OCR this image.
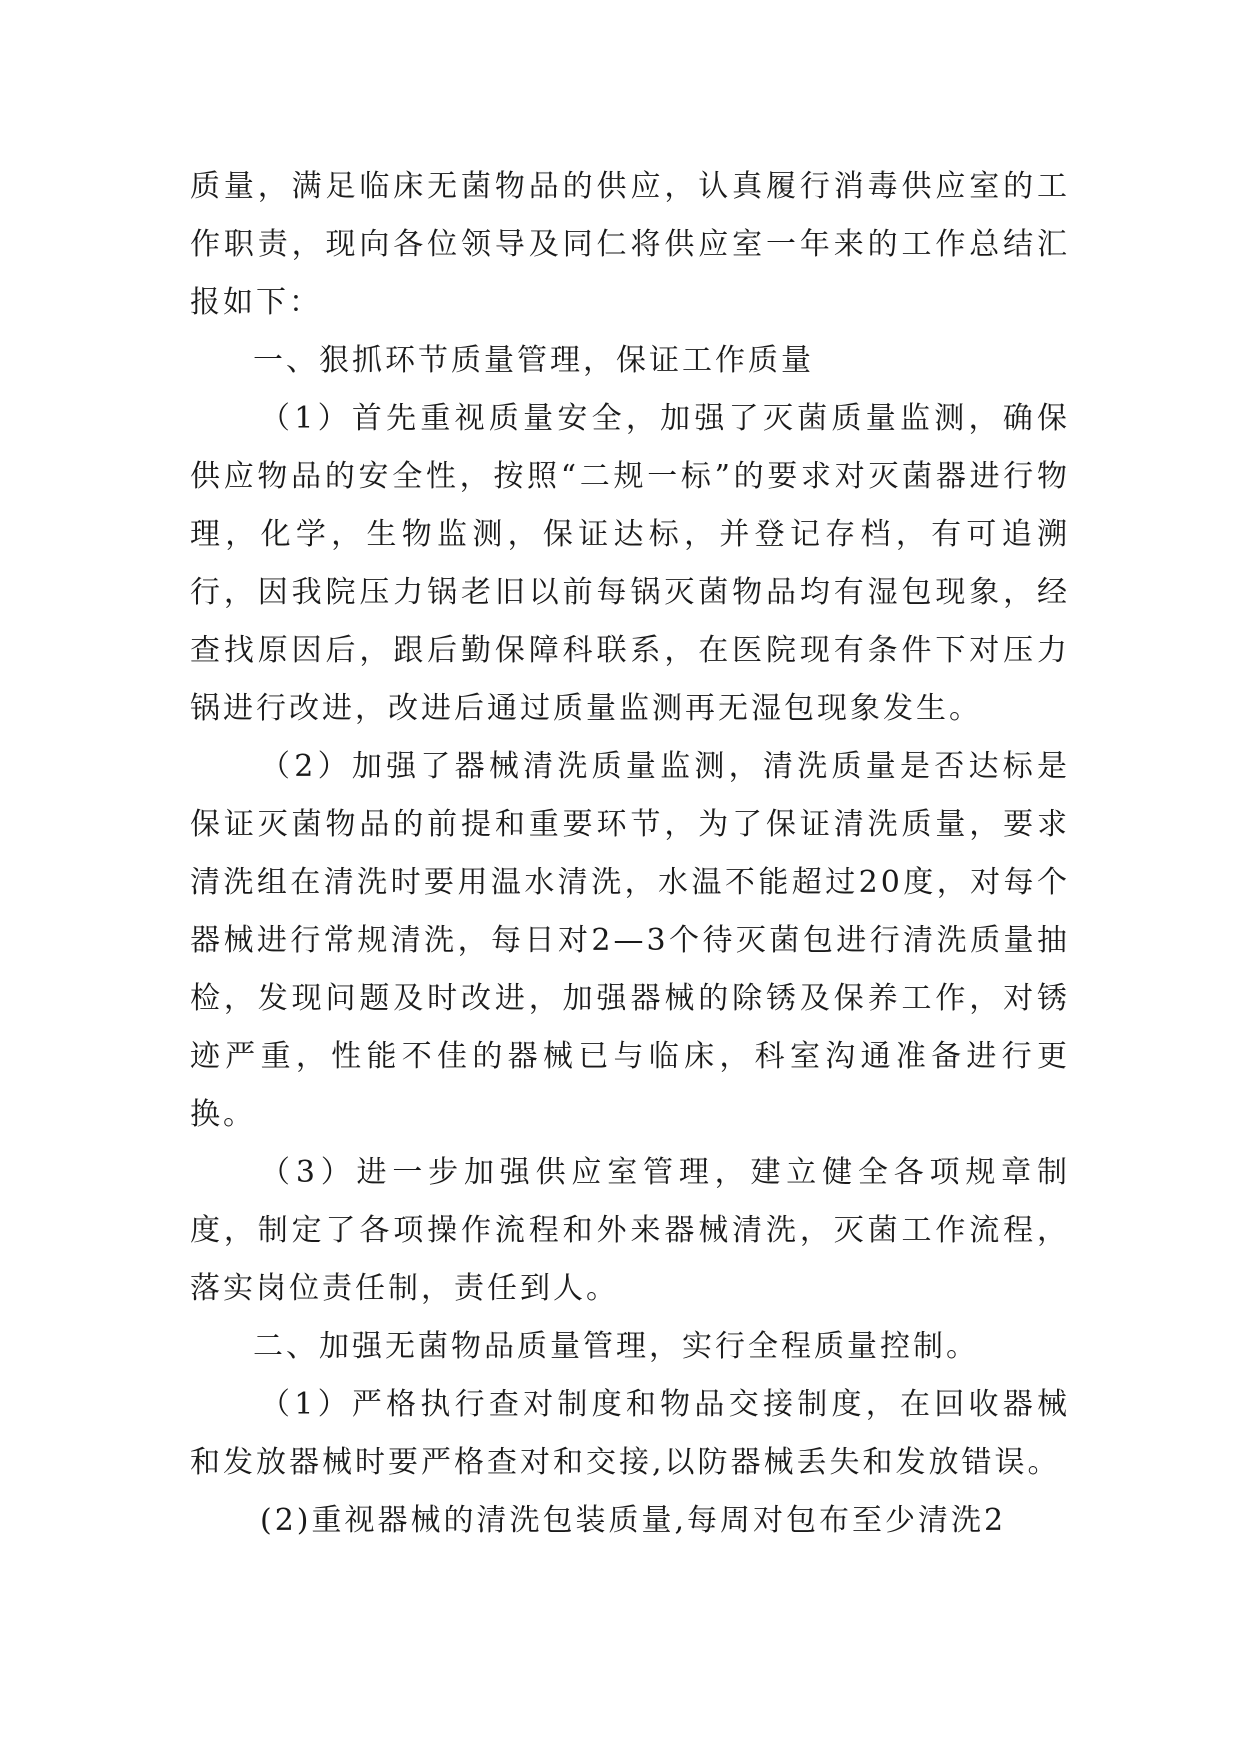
质量，满足临床无菌物品的供应，认真履行消毒供应室的工作职责，现向各位领导及同仁将供应室一年来的工作总结汇报如下：

一、狠抓环节质量管理，保证工作质量

（1）首先重视质量安全，加强了灭菌质量监测，确保供应物品的安全性，按照“二规一标”的要求对灭菌器进行物理，化学，生物监测，保证达标，并登记存档，有可追溯行，因我院压力锅老旧以前每锅灭菌物品均有湿包现象，经查找原因后，跟后勤保障科联系，在医院现有条件下对压力锅进行改进，改进后通过质量监测再无湿包现象发生。

（2）加强了器械清洗质量监测，清洗质量是否达标是保证灭菌物品的前提和重要环节，为了保证清洗质量，要求清洗组在清洗时要用温水清洗，水温不能超过20度，对每个器械进行常规清洗，每日对2—3个待灭菌包进行清洗质量抽检，发现问题及时改进，加强器械的除锈及保养工作，对锈迹严重，性能不佳的器械已与临床，科室沟通准备进行更换。

（3）进一步加强供应室管理，建立健全各项规章制度，制定了各项操作流程和外来器械清洗，灭菌工作流程，落实岗位责任制，责任到人。

二、加强无菌物品质量管理，实行全程质量控制。

（1）严格执行查对制度和物品交接制度，在回收器械和发放器械时要严格查对和交接,以防器械丢失和发放错误。

(2)重视器械的清洗包装质量,每周对包布至少清洗2
